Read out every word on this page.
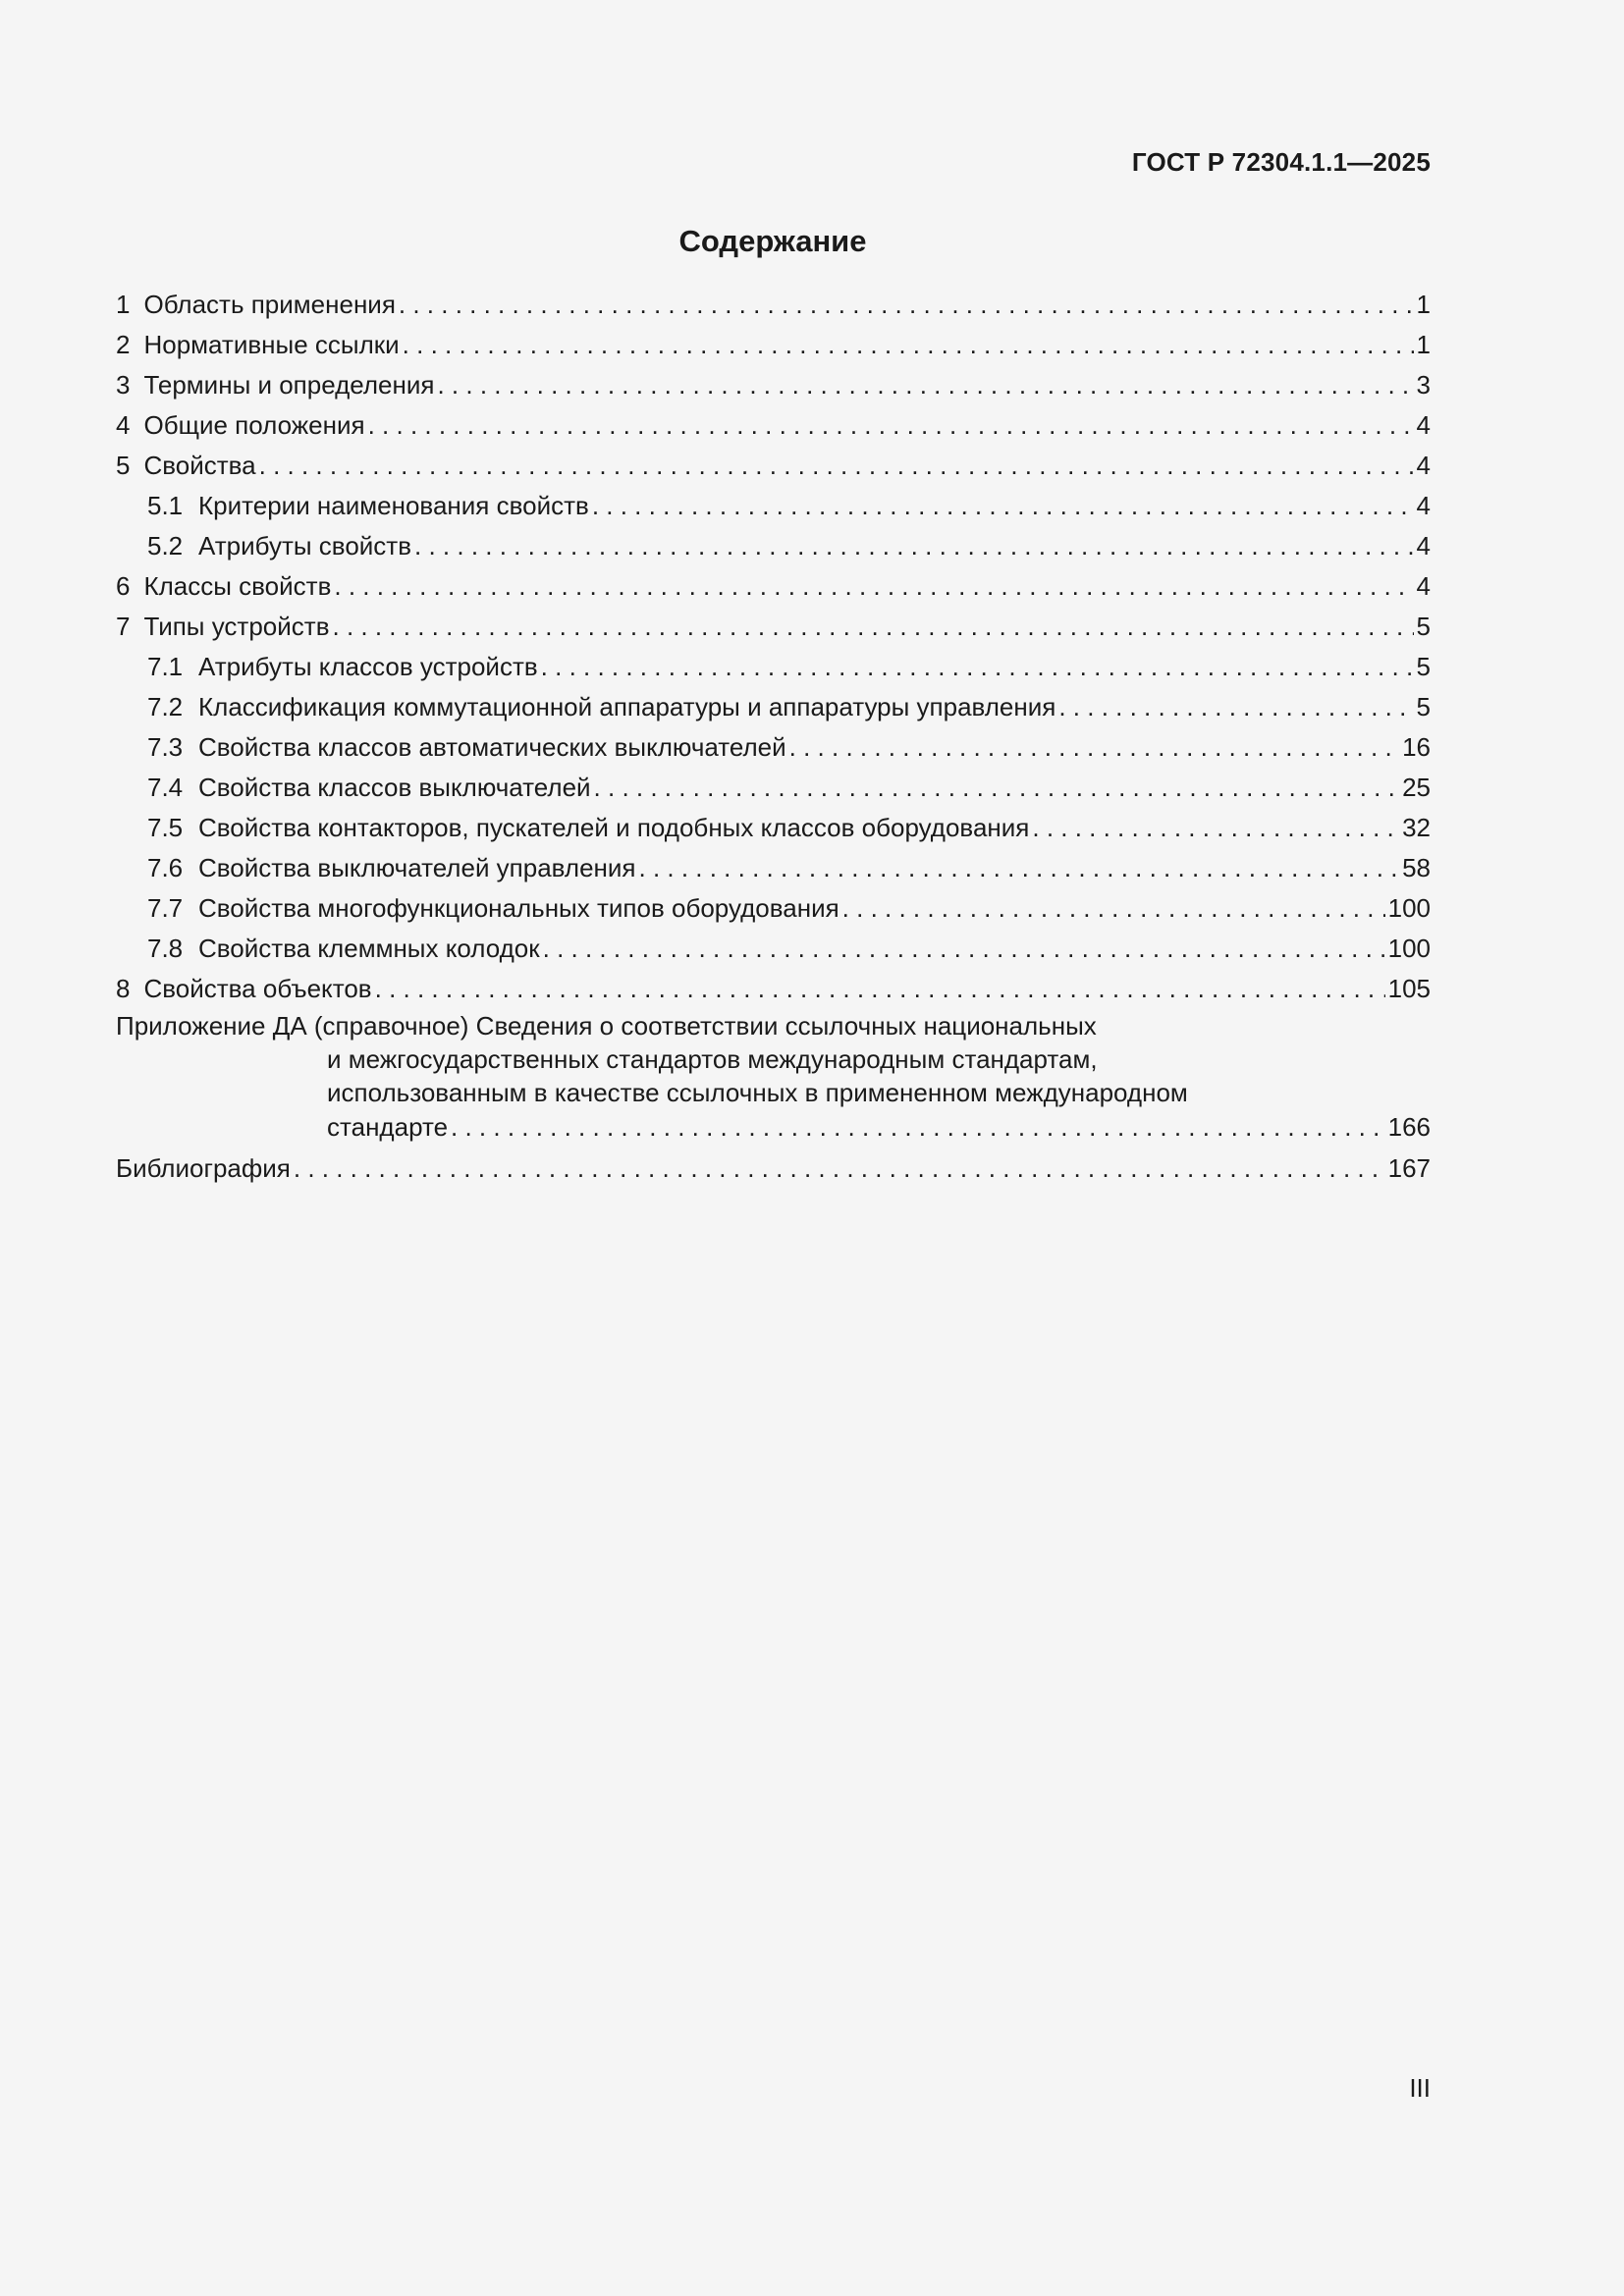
ГОСТ Р 72304.1.1—2025
Содержание
1 Область применения . . .	1
2 Нормативные ссылки . . .	1
3 Термины и определения . . .	3
4 Общие положения . . .	4
5 Свойства . . .	4
5.1 Критерии наименования свойств . . .	4
5.2 Атрибуты свойств . . .	4
6 Классы свойств . . .	4
7 Типы устройств . . .	5
7.1 Атрибуты классов устройств . . .	5
7.2 Классификация коммутационной аппаратуры и аппаратуры управления . . .	5
7.3 Свойства классов автоматических выключателей . . .	16
7.4 Свойства классов выключателей . . .	25
7.5 Свойства контакторов, пускателей и подобных классов оборудования . . .	32
7.6 Свойства выключателей управления . . .	58
7.7 Свойства многофункциональных типов оборудования . . .	100
7.8 Свойства клеммных колодок . . .	100
8 Свойства объектов . . .	105
Приложение ДА (справочное) Сведения о соответствии ссылочных национальных
и межгосударственных стандартов международным стандартам,
использованным в качестве ссылочных в примененном международном
стандарте . . .	166
Библиография . . .	167
III
